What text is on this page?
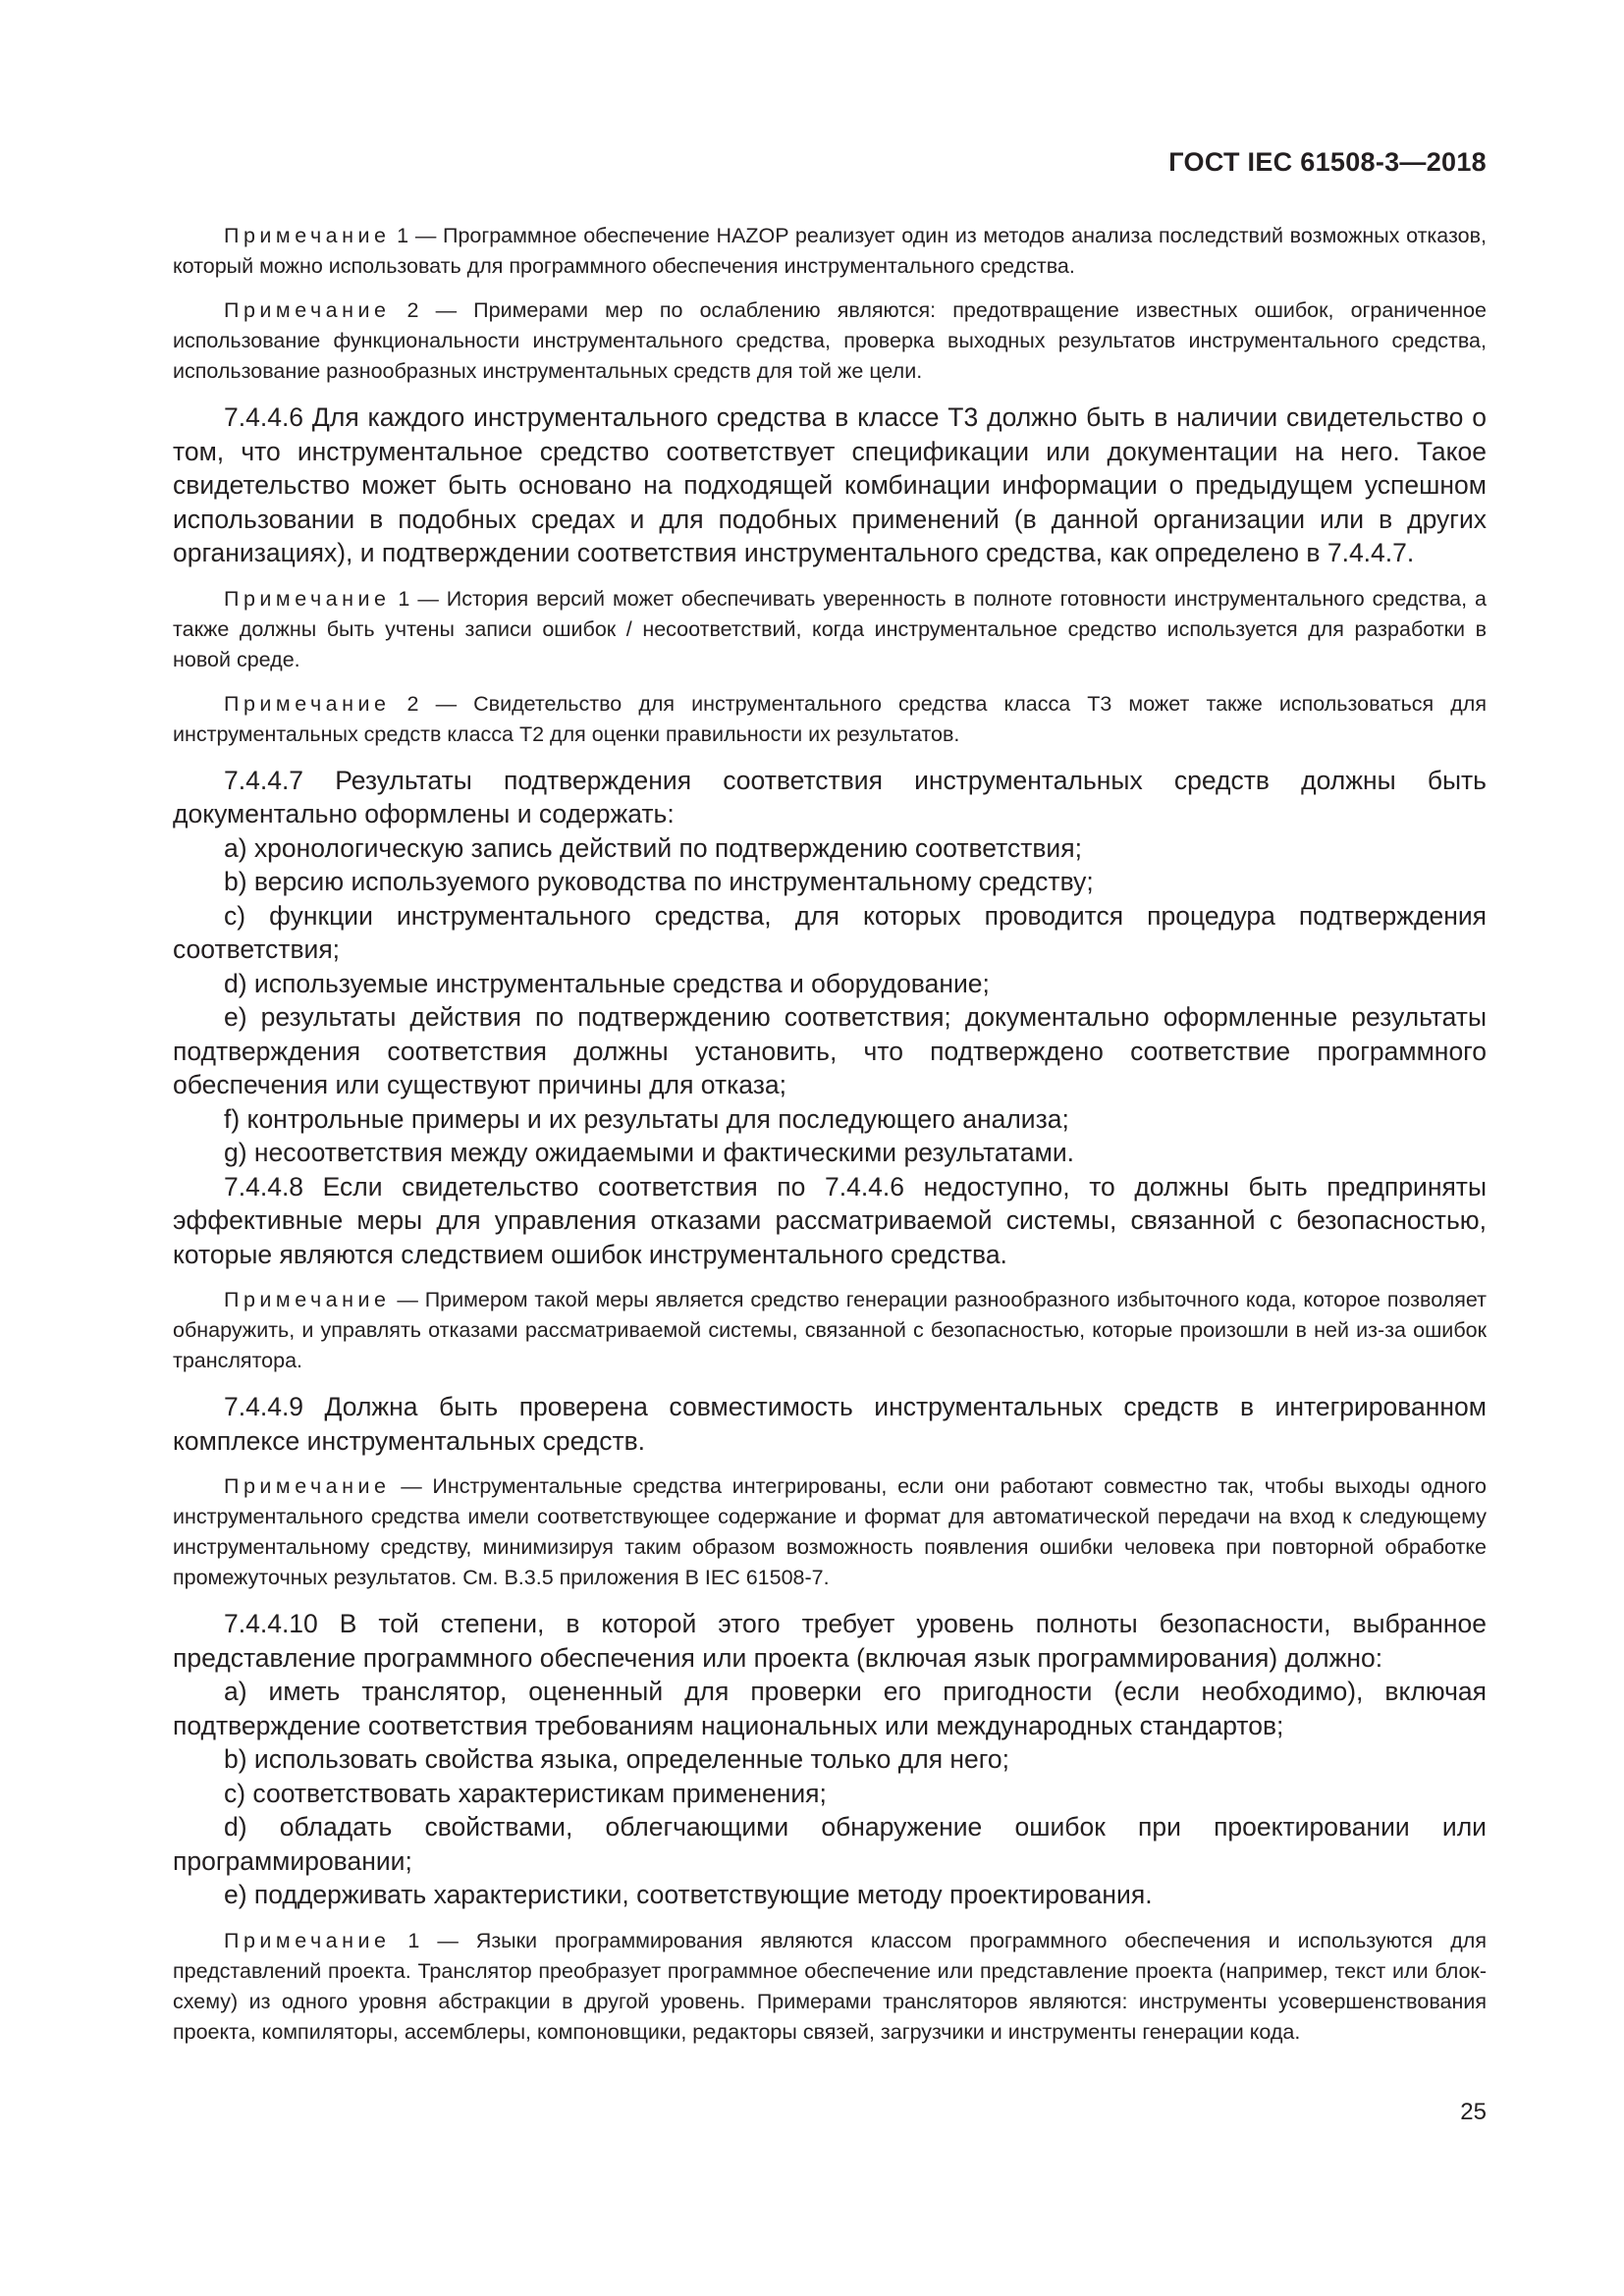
ГОСТ IEC 61508-3—2018

Примечание 1 — Программное обеспечение HAZOP реализует один из методов анализа последствий возможных отказов, который можно использовать для программного обеспечения инструментального средства.

Примечание 2 — Примерами мер по ослаблению являются: предотвращение известных ошибок, ограниченное использование функциональности инструментального средства, проверка выходных результатов инструментального средства, использование разнообразных инструментальных средств для той же цели.

7.4.4.6 Для каждого инструментального средства в классе Т3 должно быть в наличии свидетельство о том, что инструментальное средство соответствует спецификации или документации на него. Такое свидетельство может быть основано на подходящей комбинации информации о предыдущем успешном использовании в подобных средах и для подобных применений (в данной организации или в других организациях), и подтверждении соответствия инструментального средства, как определено в 7.4.4.7.

Примечание 1 — История версий может обеспечивать уверенность в полноте готовности инструментального средства, а также должны быть учтены записи ошибок / несоответствий, когда инструментальное средство используется для разработки в новой среде.

Примечание 2 — Свидетельство для инструментального средства класса Т3 может также использоваться для инструментальных средств класса Т2 для оценки правильности их результатов.

7.4.4.7 Результаты подтверждения соответствия инструментальных средств должны быть документально оформлены и содержать:

a) хронологическую запись действий по подтверждению соответствия;

b) версию используемого руководства по инструментальному средству;

c) функции инструментального средства, для которых проводится процедура подтверждения соответствия;

d) используемые инструментальные средства и оборудование;

e) результаты действия по подтверждению соответствия; документально оформленные результаты подтверждения соответствия должны установить, что подтверждено соответствие программного обеспечения или существуют причины для отказа;

f) контрольные примеры и их результаты для последующего анализа;

g) несоответствия между ожидаемыми и фактическими результатами.

7.4.4.8 Если свидетельство соответствия по 7.4.4.6 недоступно, то должны быть предприняты эффективные меры для управления отказами рассматриваемой системы, связанной с безопасностью, которые являются следствием ошибок инструментального средства.

Примечание — Примером такой меры является средство генерации разнообразного избыточного кода, которое позволяет обнаружить, и управлять отказами рассматриваемой системы, связанной с безопасностью, которые произошли в ней из-за ошибок транслятора.

7.4.4.9 Должна быть проверена совместимость инструментальных средств в интегрированном комплексе инструментальных средств.

Примечание — Инструментальные средства интегрированы, если они работают совместно так, чтобы выходы одного инструментального средства имели соответствующее содержание и формат для автоматической передачи на вход к следующему инструментальному средству, минимизируя таким образом возможность появления ошибки человека при повторной обработке промежуточных результатов. См. В.3.5 приложения В IEC 61508-7.

7.4.4.10 В той степени, в которой этого требует уровень полноты безопасности, выбранное представление программного обеспечения или проекта (включая язык программирования) должно:

a) иметь транслятор, оцененный для проверки его пригодности (если необходимо), включая подтверждение соответствия требованиям национальных или международных стандартов;

b) использовать свойства языка, определенные только для него;

c) соответствовать характеристикам применения;

d) обладать свойствами, облегчающими обнаружение ошибок при проектировании или программировании;

e) поддерживать характеристики, соответствующие методу проектирования.

Примечание 1 — Языки программирования являются классом программного обеспечения и используются для представлений проекта. Транслятор преобразует программное обеспечение или представление проекта (например, текст или блок-схему) из одного уровня абстракции в другой уровень. Примерами трансляторов являются: инструменты усовершенствования проекта, компиляторы, ассемблеры, компоновщики, редакторы связей, загрузчики и инструменты генерации кода.

25
